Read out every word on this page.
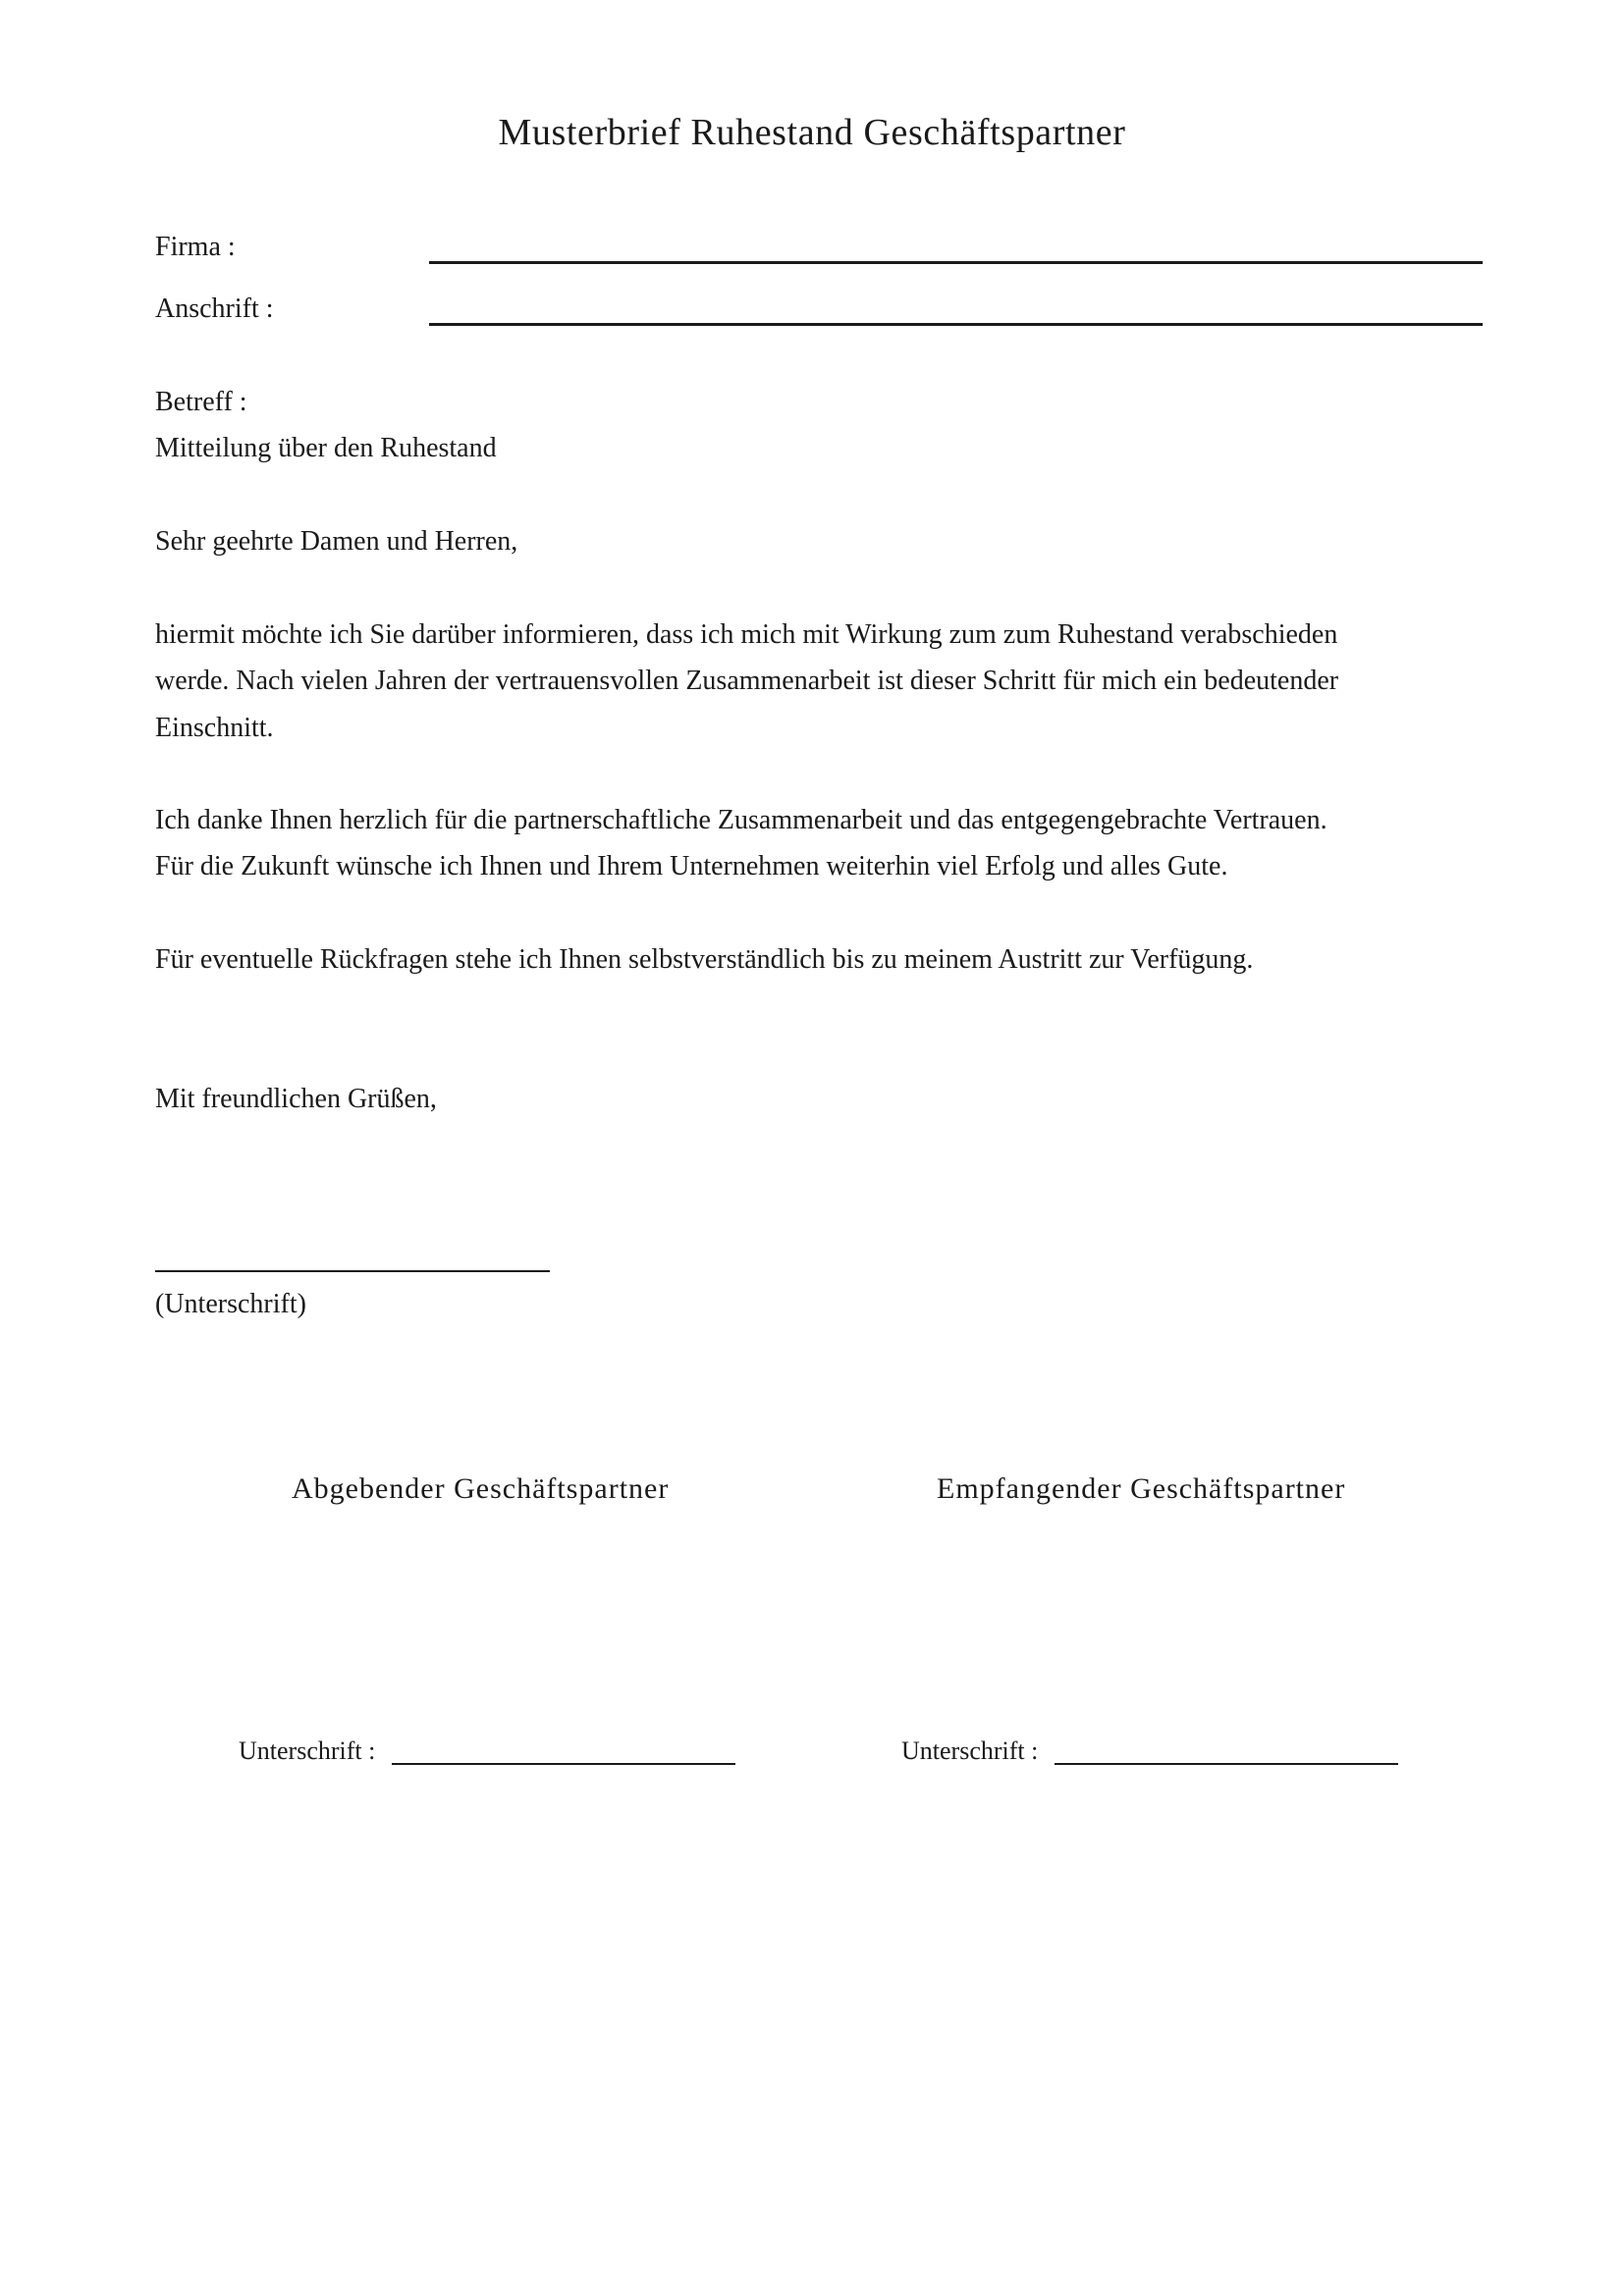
Musterbrief Ruhestand Geschäftspartner
Firma :
Anschrift :
Betreff :
Mitteilung über den Ruhestand
Sehr geehrte Damen und Herren,
hiermit möchte ich Sie darüber informieren, dass ich mich mit Wirkung zum zum Ruhestand verabschieden
werde. Nach vielen Jahren der vertrauensvollen Zusammenarbeit ist dieser Schritt für mich ein bedeutender
Einschnitt.
Ich danke Ihnen herzlich für die partnerschaftliche Zusammenarbeit und das entgegengebrachte Vertrauen.
Für die Zukunft wünsche ich Ihnen und Ihrem Unternehmen weiterhin viel Erfolg und alles Gute.
Für eventuelle Rückfragen stehe ich Ihnen selbstverständlich bis zu meinem Austritt zur Verfügung.
Mit freundlichen Grüßen,
(Unterschrift)
Abgebender Geschäftspartner	Empfangender Geschäftspartner
Unterschrift :	Unterschrift :
